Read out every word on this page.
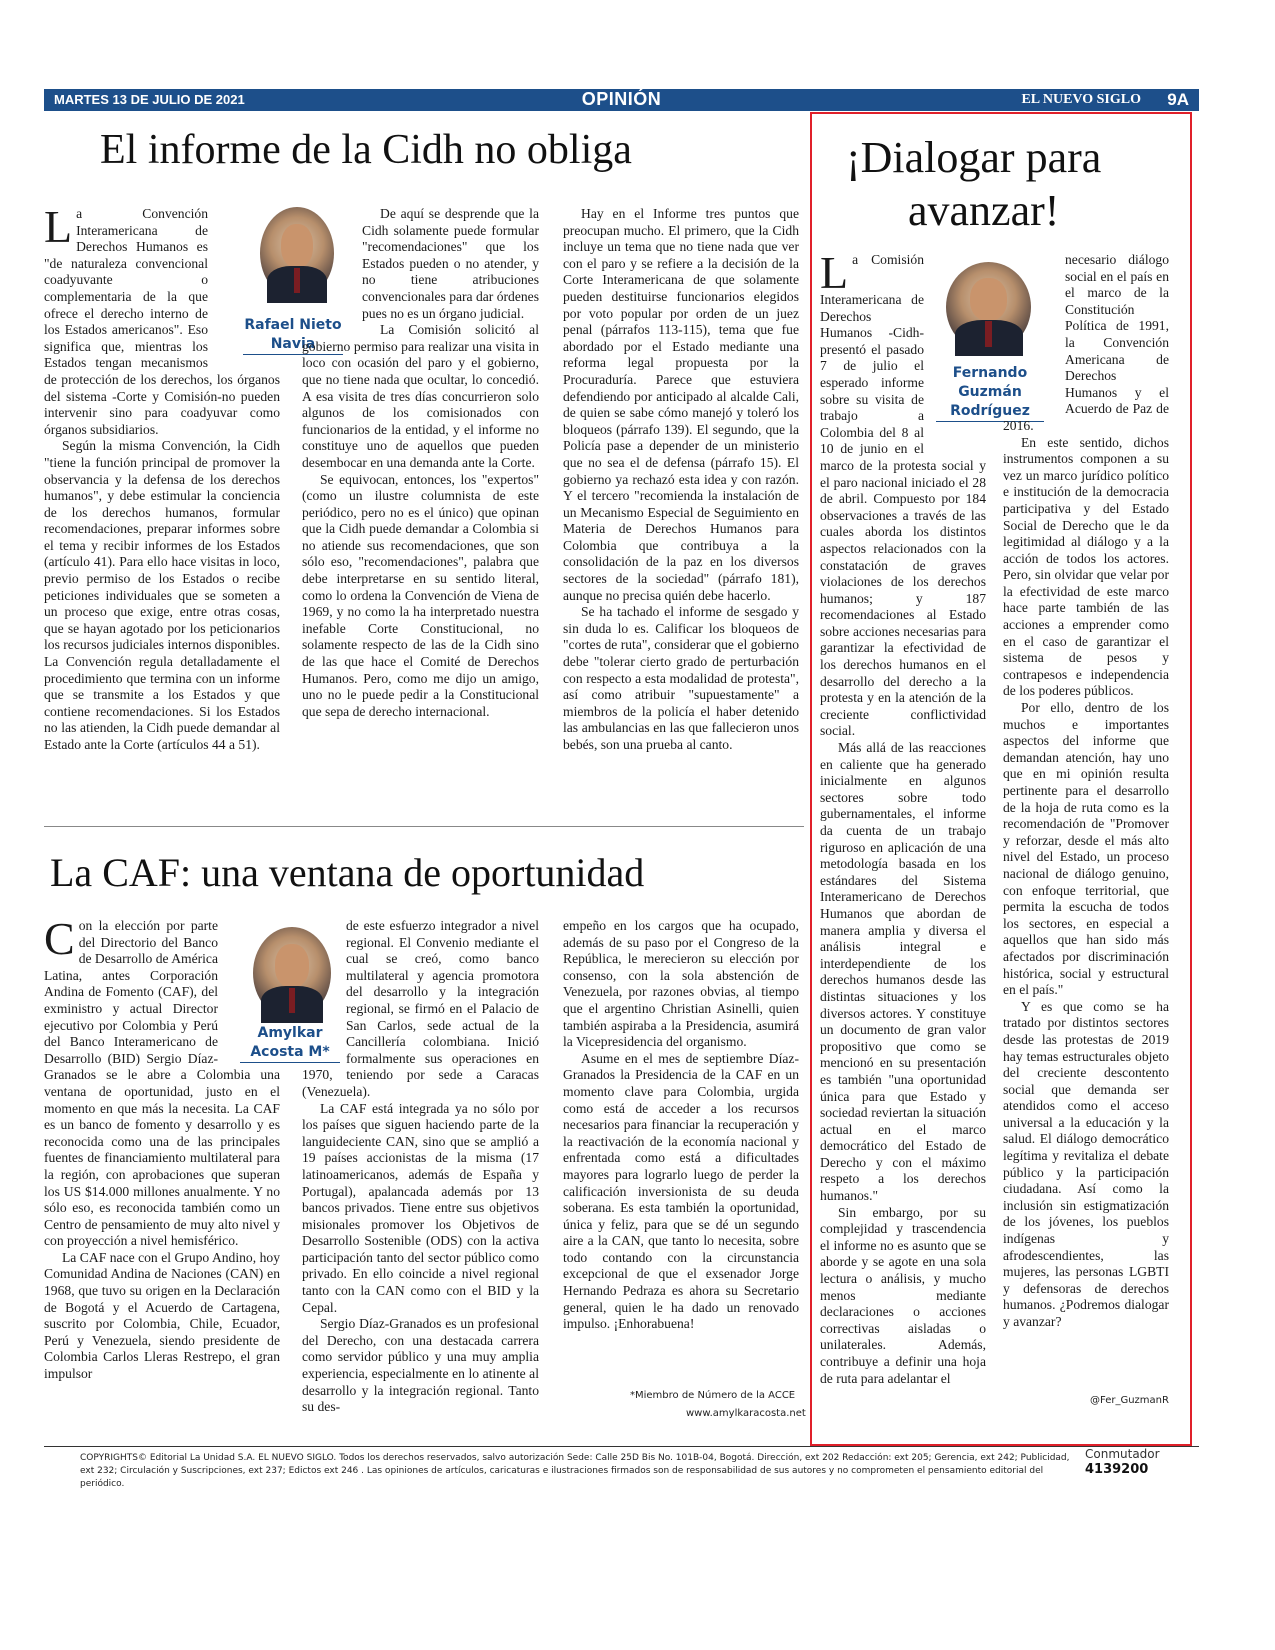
MARTES 13 DE JULIO DE 2021	OPINIÓN	EL NUEVO SIGLO 9A
El informe de la Cidh no obliga
Rafael Nieto
Navia
L a Convención Interamericana de Derechos Humanos es "de naturaleza convencional coadyuvante o complementaria de la que ofrece el derecho interno de los Estados americanos". Eso significa que, mientras los Estados tengan mecanismos de protección de los derechos, los órganos del sistema -Corte y Comisión-no pueden intervenir sino para coadyuvar como órganos subsidiarios.

Según la misma Convención, la Cidh "tiene la función principal de promover la observancia y la defensa de los derechos humanos", y debe estimular la conciencia de los derechos humanos, formular recomendaciones, preparar informes sobre el tema y recibir informes de los Estados (artículo 41). Para ello hace visitas in loco, previo permiso de los Estados o recibe peticiones individuales que se someten a un proceso que exige, entre otras cosas, que se hayan agotado por los peticionarios los recursos judiciales internos disponibles. La Convención regula detalladamente el procedimiento que termina con un informe que se transmite a los Estados y que contiene recomendaciones. Si los Estados no las atienden, la Cidh puede demandar al Estado ante la Corte (artículos 44 a 51).

De aquí se desprende que la Cidh solamente puede formular "recomendaciones" que los Estados pueden o no atender, y no tiene atribuciones convencionales para dar órdenes pues no es un órgano judicial.

La Comisión solicitó al gobierno permiso para realizar una visita in loco con ocasión del paro y el gobierno, que no tiene nada que ocultar, lo concedió. A esa visita de tres días concurrieron solo algunos de los comisionados con funcionarios de la entidad, y el informe no constituye uno de aquellos que pueden desembocar en una demanda ante la Corte.

Se equivocan, entonces, los "expertos" (como un ilustre columnista de este periódico, pero no es el único) que opinan que la Cidh puede demandar a Colombia si no atiende sus recomendaciones, que son sólo eso, "recomendaciones", palabra que debe interpretarse en su sentido literal, como lo ordena la Convención de Viena de 1969, y no como la ha interpretado nuestra inefable Corte Constitucional, no solamente respecto de las de la Cidh sino de las que hace el Comité de Derechos Humanos. Pero, como me dijo un amigo, uno no le puede pedir a la Constitucional que sepa de derecho internacional.

Hay en el Informe tres puntos que preocupan mucho. El primero, que la Cidh incluye un tema que no tiene nada que ver con el paro y se refiere a la decisión de la Corte Interamericana de que solamente pueden destituirse funcionarios elegidos por voto popular por orden de un juez penal (párrafos 113-115), tema que fue abordado por el Estado mediante una reforma legal propuesta por la Procuraduría. Parece que estuviera defendiendo por anticipado al alcalde Cali, de quien se sabe cómo manejó y toleró los bloqueos (párrafo 139). El segundo, que la Policía pase a depender de un ministerio que no sea el de defensa (párrafo 15). El gobierno ya rechazó esta idea y con razón. Y el tercero "recomienda la instalación de un Mecanismo Especial de Seguimiento en Materia de Derechos Humanos para Colombia que contribuya a la consolidación de la paz en los diversos sectores de la sociedad" (párrafo 181), aunque no precisa quién debe hacerlo.

Se ha tachado el informe de sesgado y sin duda lo es. Calificar los bloqueos de "cortes de ruta", considerar que el gobierno debe "tolerar cierto grado de perturbación con respecto a esta modalidad de protesta", así como atribuir "supuestamente" a miembros de la policía el haber detenido las ambulancias en las que fallecieron unos bebés, son una prueba al canto.

La CAF: una ventana de oportunidad
Amylkar
Acosta M*
C on la elección por parte del Directorio del Banco de Desarrollo de América Latina, antes Corporación Andina de Fomento (CAF), del exministro y actual Director ejecutivo por Colombia y Perú del Banco Interamericano de Desarrollo (BID) Sergio Díaz-Granados se le abre a Colombia una ventana de oportunidad, justo en el momento en que más la necesita. La CAF es un banco de fomento y desarrollo y es reconocida como una de las principales fuentes de financiamiento multilateral para la región, con aprobaciones que superan los US $14.000 millones anualmente. Y no sólo eso, es reconocida también como un Centro de pensamiento de muy alto nivel y con proyección a nivel hemisférico.

La CAF nace con el Grupo Andino, hoy Comunidad Andina de Naciones (CAN) en 1968, que tuvo su origen en la Declaración de Bogotá y el Acuerdo de Cartagena, suscrito por Colombia, Chile, Ecuador, Perú y Venezuela, siendo presidente de Colombia Carlos Lleras Restrepo, el gran impulsor

de este esfuerzo integrador a nivel regional. El Convenio mediante el cual se creó, como banco multilateral y agencia promotora del desarrollo y la integración regional, se firmó en el Palacio de San Carlos, sede actual de la Cancillería colombiana. Inició formalmente sus operaciones en 1970, teniendo por sede a Caracas (Venezuela).

La CAF está integrada ya no sólo por los países que siguen haciendo parte de la languideciente CAN, sino que se amplió a 19 países accionistas de la misma (17 latinoamericanos, además de España y Portugal), apalancada además por 13 bancos privados. Tiene entre sus objetivos misionales promover los Objetivos de Desarrollo Sostenible (ODS) con la activa participación tanto del sector público como privado. En ello coincide a nivel regional tanto con la CAN como con el BID y la Cepal.

Sergio Díaz-Granados es un profesional del Derecho, con una destacada carrera como servidor público y una muy amplia experiencia, especialmente en lo atinente al desarrollo y la integración regional. Tanto su des-

empeño en los cargos que ha ocupado, además de su paso por el Congreso de la República, le merecieron su elección por consenso, con la sola abstención de Venezuela, por razones obvias, al tiempo que el argentino Christian Asinelli, quien también aspiraba a la Presidencia, asumirá la Vicepresidencia del organismo.

Asume en el mes de septiembre Díaz-Granados la Presidencia de la CAF en un momento clave para Colombia, urgida como está de acceder a los recursos necesarios para financiar la recuperación y la reactivación de la economía nacional y enfrentada como está a dificultades mayores para lograrlo luego de perder la calificación inversionista de su deuda soberana. Es esta también la oportunidad, única y feliz, para que se dé un segundo aire a la CAN, que tanto lo necesita, sobre todo contando con la circunstancia excepcional de que el exsenador Jorge Hernando Pedraza es ahora su Secretario general, quien le ha dado un renovado impulso. ¡Enhorabuena!

*Miembro de Número de la ACCE
www.amylkaracosta.net
¡Dialogar para
avanzar!
Fernando
Guzmán
Rodríguez
L a Comisión Interamericana de Derechos Humanos -Cidh- presentó el pasado 7 de julio el esperado informe sobre su visita de trabajo a Colombia del 8 al 10 de junio en el marco de la protesta social y el paro nacional iniciado el 28 de abril. Compuesto por 184 observaciones a través de las cuales aborda los distintos aspectos relacionados con la constatación de graves violaciones de los derechos humanos; y 187 recomendaciones al Estado sobre acciones necesarias para garantizar la efectividad de los derechos humanos en el desarrollo del derecho a la protesta y en la atención de la creciente conflictividad social.

Más allá de las reacciones en caliente que ha generado inicialmente en algunos sectores sobre todo gubernamentales, el informe da cuenta de un trabajo riguroso en aplicación de una metodología basada en los estándares del Sistema Interamericano de Derechos Humanos que abordan de manera amplia y diversa el análisis integral e interdependiente de los derechos humanos desde las distintas situaciones y los diversos actores. Y constituye un documento de gran valor propositivo que como se mencionó en su presentación es también "una oportunidad única para que Estado y sociedad reviertan la situación actual en el marco democrático del Estado de Derecho y con el máximo respeto a los derechos humanos."

Sin embargo, por su complejidad y trascendencia el informe no es asunto que se aborde y se agote en una sola lectura o análisis, y mucho menos mediante declaraciones o acciones correctivas aisladas o unilaterales. Además, contribuye a definir una hoja de ruta para adelantar el

necesario diálogo social en el país en el marco de la Constitución Política de 1991, la Convención Americana de Derechos Humanos y el Acuerdo de Paz de 2016.

En este sentido, dichos instrumentos componen a su vez un marco jurídico político e institución de la democracia participativa y del Estado Social de Derecho que le da legitimidad al diálogo y a la acción de todos los actores. Pero, sin olvidar que velar por la efectividad de este marco hace parte también de las acciones a emprender como en el caso de garantizar el sistema de pesos y contrapesos e independencia de los poderes públicos.

Por ello, dentro de los muchos e importantes aspectos del informe que demandan atención, hay uno que en mi opinión resulta pertinente para el desarrollo de la hoja de ruta como es la recomendación de "Promover y reforzar, desde el más alto nivel del Estado, un proceso nacional de diálogo genuino, con enfoque territorial, que permita la escucha de todos los sectores, en especial a aquellos que han sido más afectados por discriminación histórica, social y estructural en el país."

Y es que como se ha tratado por distintos sectores desde las protestas de 2019 hay temas estructurales objeto del creciente descontento social que demanda ser atendidos como el acceso universal a la educación y la salud. El diálogo democrático legítima y revitaliza el debate público y la participación ciudadana. Así como la inclusión sin estigmatización de los jóvenes, los pueblos indígenas y afrodescendientes, las mujeres, las personas LGBTI y defensoras de derechos humanos. ¿Podremos dialogar y avanzar?

@Fer_GuzmanR
COPYRIGHTS© Editorial La Unidad S.A. EL NUEVO SIGLO. Todos los derechos reservados, salvo autorización Sede: Calle 25D Bis No. 101B-04, Bogotá. Dirección, ext 202 Redacción: ext 205; Gerencia, ext 242; Publicidad, ext 232; Circulación y Suscripciones, ext 237; Edictos ext 246 . Las opiniones de artículos, caricaturas e ilustraciones firmados son de responsabilidad de sus autores y no comprometen el pensamiento editorial del periódico.
Conmutador
4139200
